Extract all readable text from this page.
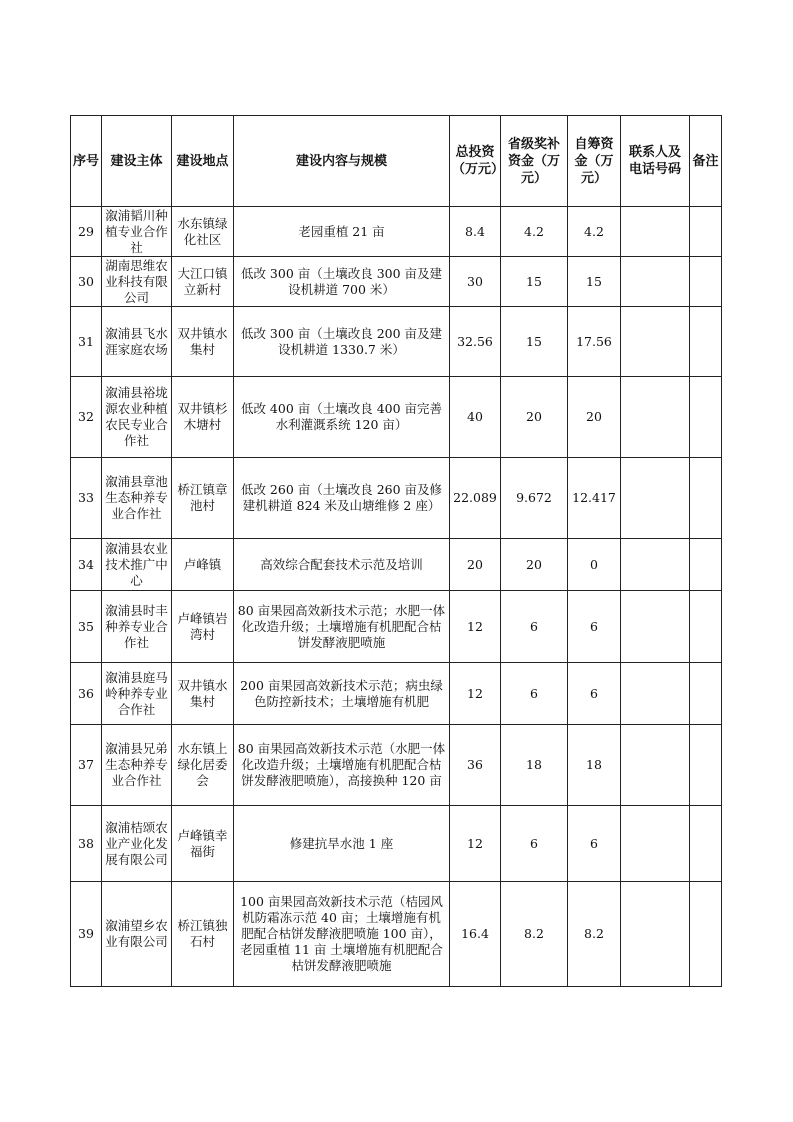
序号	建设主体	建设地点	建设内容与规模	总投资（万元）	省级奖补资金（万元）	自筹资金（万元）	联系人及电话号码	备注
29	溆浦韬川种植专业合作社	水东镇绿化社区	老园重植 21 亩	8.4	4.2	4.2		
30	湖南思维农业科技有限公司	大江口镇立新村	低改 300 亩（土壤改良 300 亩及建设机耕道 700 米）	30	15	15		
31	溆浦县飞水涯家庭农场	双井镇水集村	低改 300 亩（土壤改良 200 亩及建设机耕道 1330.7 米）	32.56	15	17.56		
32	溆浦县裕垅源农业种植农民专业合作社	双井镇杉木塘村	低改 400 亩（土壤改良 400 亩完善水利灌溉系统 120 亩）	40	20	20		
33	溆浦县章池生态种养专业合作社	桥江镇章池村	低改 260 亩（土壤改良 260 亩及修建机耕道 824 米及山塘维修 2 座）	22.089	9.672	12.417		
34	溆浦县农业技术推广中心	卢峰镇	高效综合配套技术示范及培训	20	20	0		
35	溆浦县时丰种养专业合作社	卢峰镇岩湾村	80 亩果园高效新技术示范；水肥一体化改造升级；土壤增施有机肥配合枯饼发酵液肥喷施	12	6	6		
36	溆浦县庭马岭种养专业合作社	双井镇水集村	200 亩果园高效新技术示范；病虫绿色防控新技术；土壤增施有机肥	12	6	6		
37	溆浦县兄弟生态种养专业合作社	水东镇上绿化居委会	80 亩果园高效新技术示范（水肥一体化改造升级；土壤增施有机肥配合枯饼发酵液肥喷施），高接换种 120 亩	36	18	18		
38	溆浦桔颂农业产业化发展有限公司	卢峰镇幸福街	修建抗旱水池 1 座	12	6	6		
39	溆浦望乡农业有限公司	桥江镇独石村	100 亩果园高效新技术示范（桔园风机防霜冻示范 40 亩；土壤增施有机肥配合枯饼发酵液肥喷施 100 亩），老园重植 11 亩 土壤增施有机肥配合枯饼发酵液肥喷施	16.4	8.2	8.2		
